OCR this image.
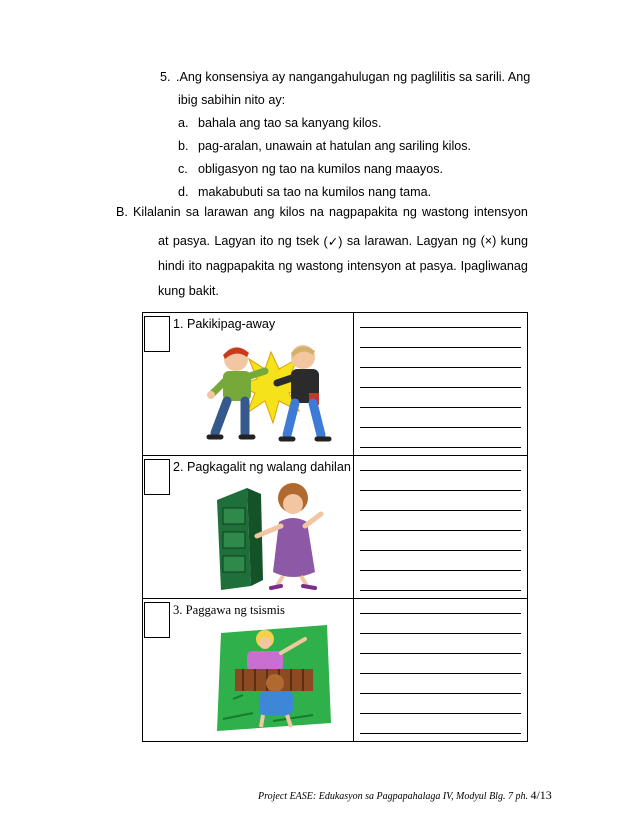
5. .Ang konsensiya ay nangangahulugan ng paglilitis sa sarili. Ang
ibig sabihin nito ay:
a. bahala ang tao sa kanyang kilos.
b. pag-aralan, unawain at hatulan ang sariling kilos.
c. obligasyon ng tao na kumilos nang maayos.
d. makabubuti sa tao na kumilos nang tama.
B. Kilalanin sa larawan ang kilos na nagpapakita ng wastong intensyon
at pasya. Lagyan ito ng tsek (✓) sa larawan. Lagyan ng (×) kung
hindi ito nagpapakita ng wastong intensyon at pasya. Ipagliwanag
kung bakit.
1. Pakikipag-away	

2. Pagkagalit ng walang dahilan	

3. Paggawa ng tsismis	

Project EASE: Edukasyon sa Pagpapahalaga IV, Modyul Blg. 7 ph. 4/13
